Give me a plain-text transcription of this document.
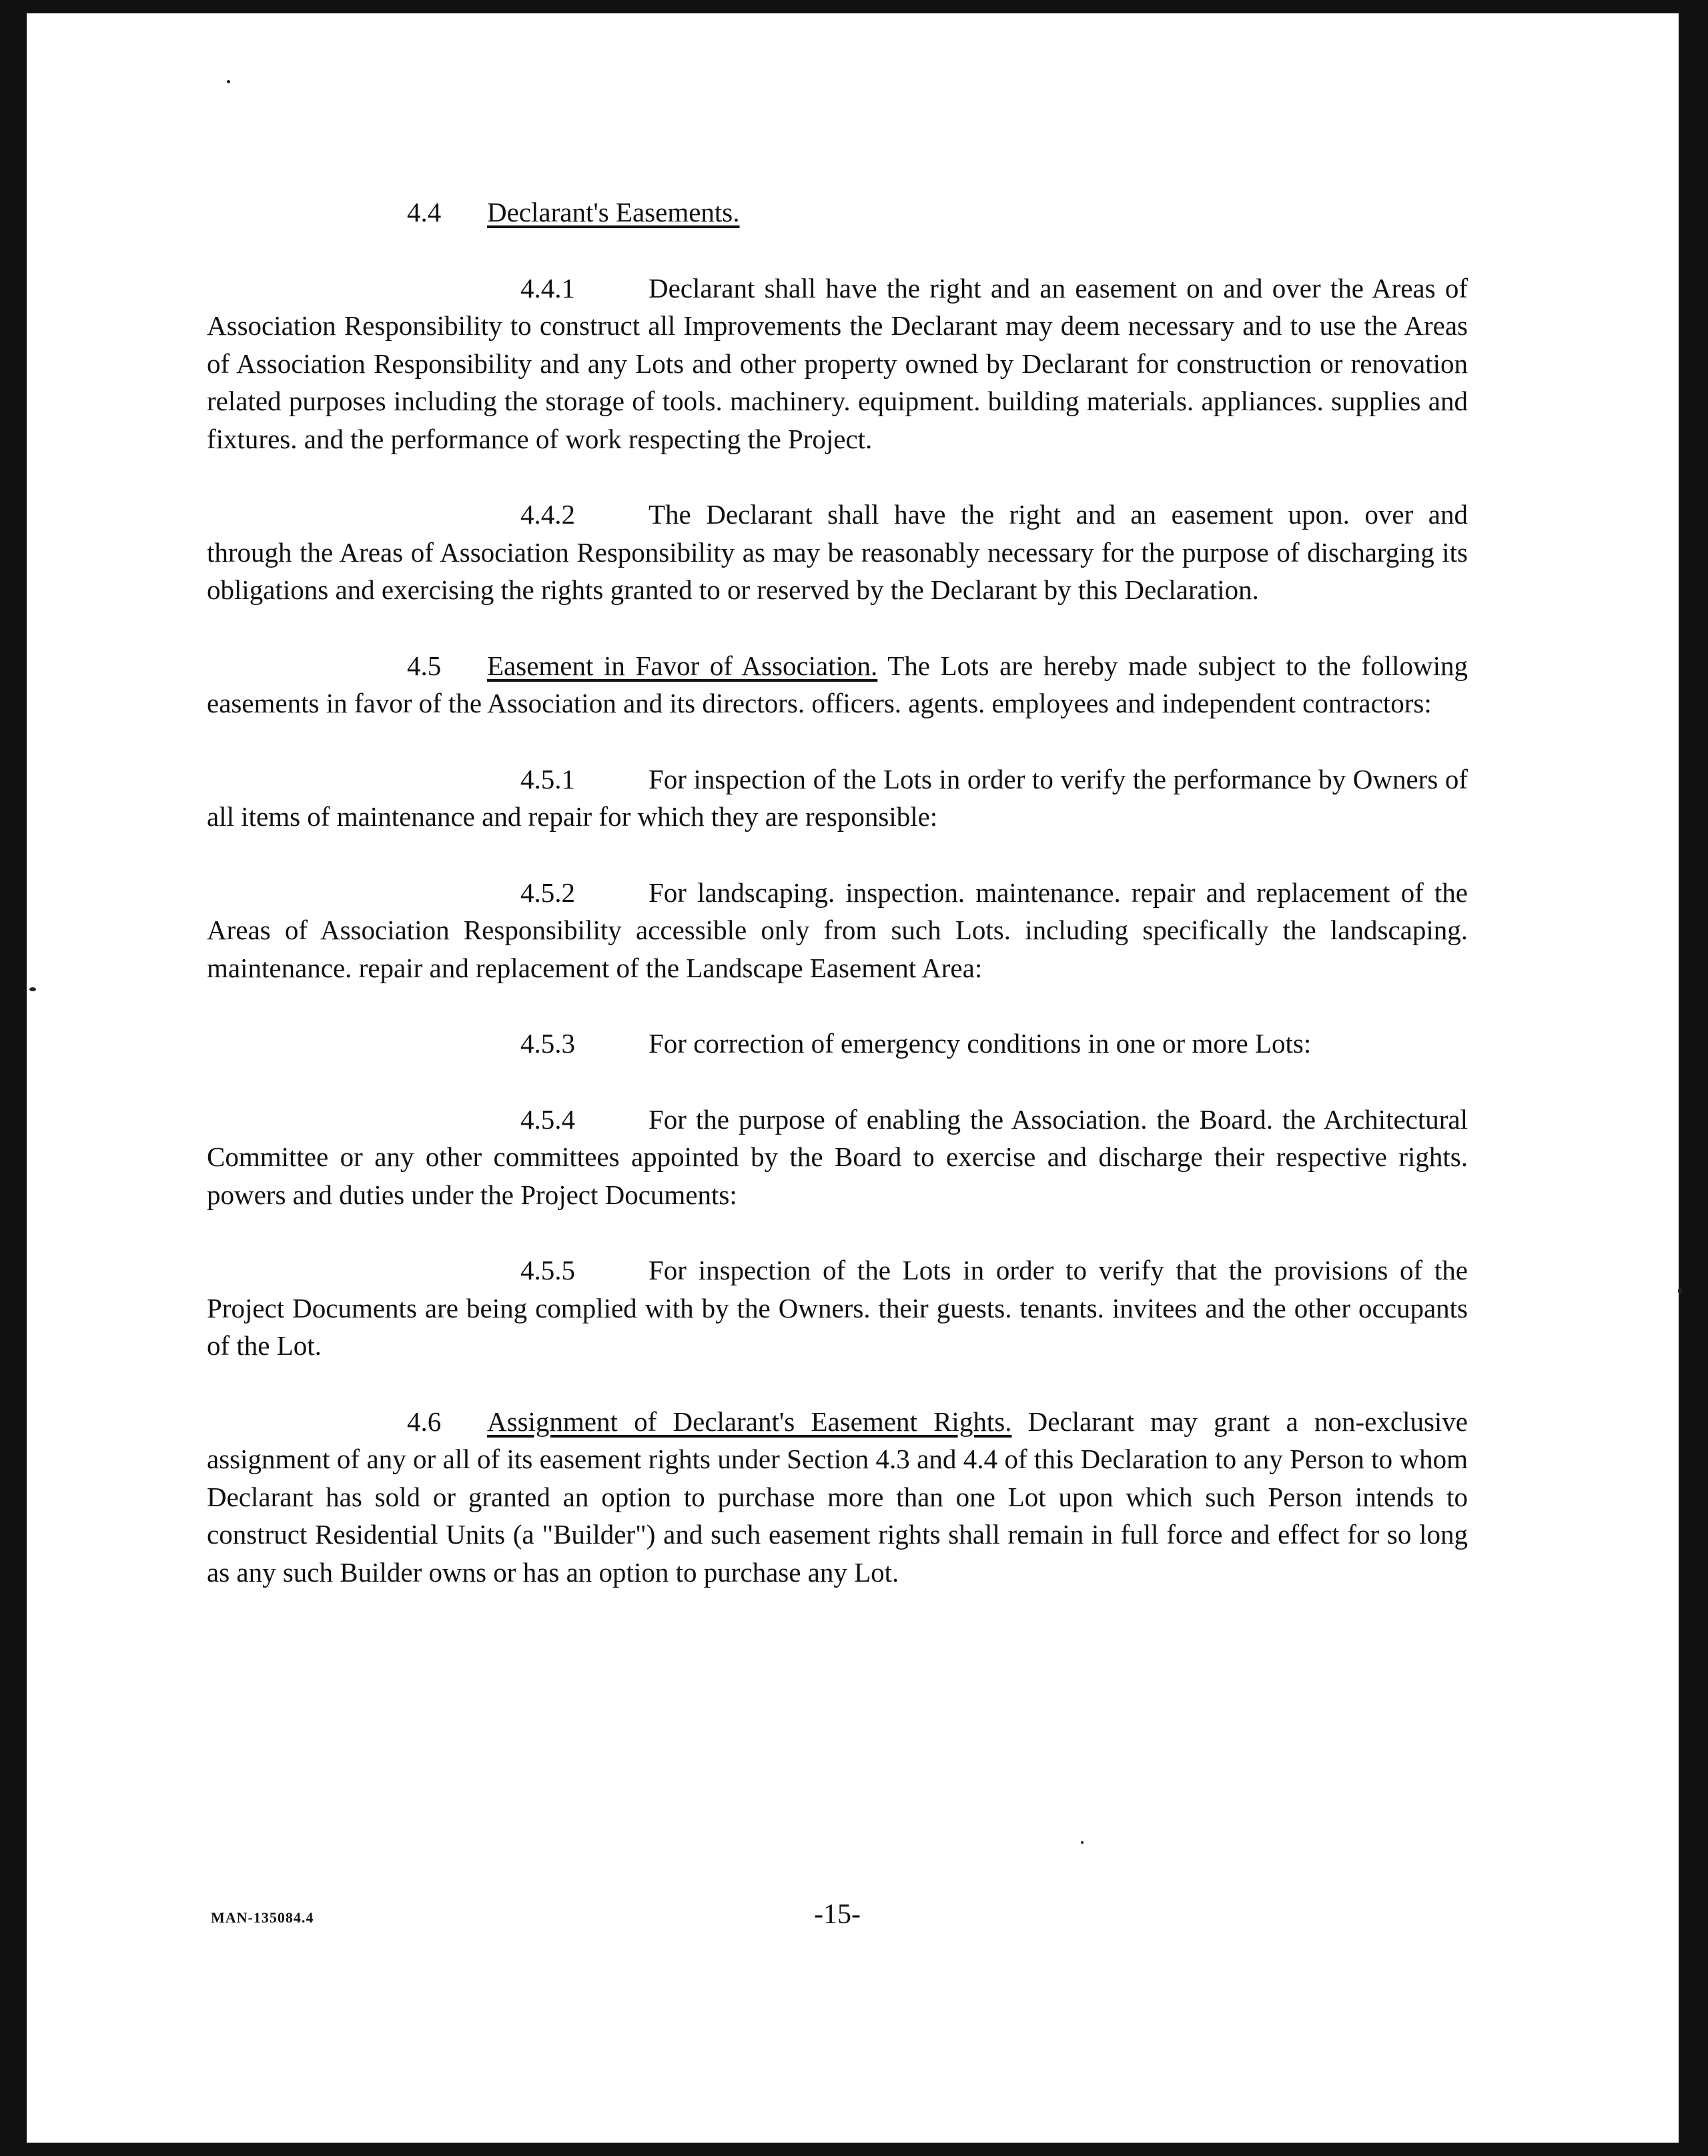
4.4 Declarant's Easements.

4.4.1	Declarant shall have the right and an easement on and over the Areas of Association Responsibility to construct all Improvements the Declarant may deem necessary and to use the Areas of Association Responsibility and any Lots and other property owned by Declarant for construction or renovation related purposes including the storage of tools. machinery. equipment. building materials. appliances. supplies and fixtures. and the performance of work respecting the Project.

4.4.2	The Declarant shall have the right and an easement upon. over and through the Areas of Association Responsibility as may be reasonably necessary for the purpose of discharging its obligations and exercising the rights granted to or reserved by the Declarant by this Declaration.

4.5 Easement in Favor of Association. The Lots are hereby made subject to the following easements in favor of the Association and its directors. officers. agents. employees and independent contractors:

4.5.1	For inspection of the Lots in order to verify the performance by Owners of all items of maintenance and repair for which they are responsible:

4.5.2	For landscaping. inspection. maintenance. repair and replacement of the Areas of Association Responsibility accessible only from such Lots. including specifically the landscaping. maintenance. repair and replacement of the Landscape Easement Area:

4.5.3	For correction of emergency conditions in one or more Lots:

4.5.4	For the purpose of enabling the Association. the Board. the Architectural Committee or any other committees appointed by the Board to exercise and discharge their respective rights. powers and duties under the Project Documents:

4.5.5	For inspection of the Lots in order to verify that the provisions of the Project Documents are being complied with by the Owners. their guests. tenants. invitees and the other occupants of the Lot.

4.6 Assignment of Declarant's Easement Rights. Declarant may grant a non-exclusive assignment of any or all of its easement rights under Section 4.3 and 4.4 of this Declaration to any Person to whom Declarant has sold or granted an option to purchase more than one Lot upon which such Person intends to construct Residential Units (a "Builder") and such easement rights shall remain in full force and effect for so long as any such Builder owns or has an option to purchase any Lot.

MAN-135084.4	-15-
